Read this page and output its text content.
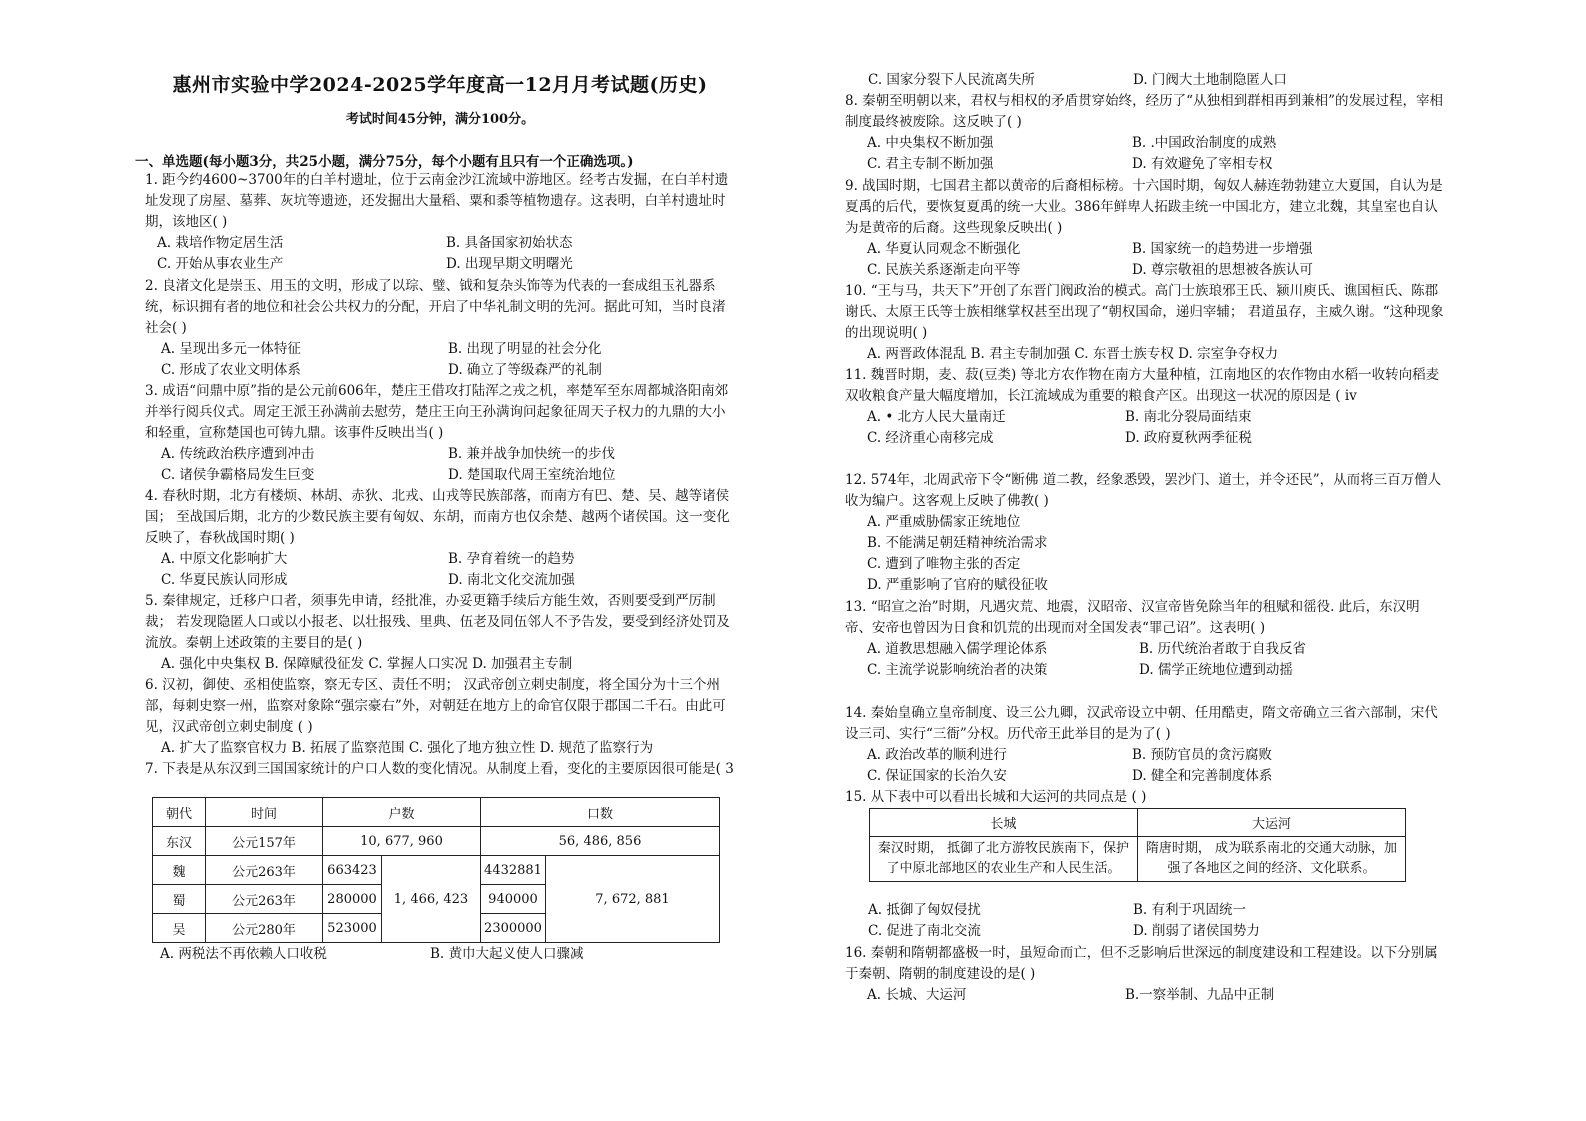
惠州市实验中学2024-2025学年度高一12月月考试题(历史)
考试时间45分钟，满分100分。
一、单选题(每小题3分，共25小题，满分75分，每个小题有且只有一个正确选项。)
1. 距今约4600~3700年的白羊村遗址，位于云南金沙江流域中游地区。经考古发掘，在白羊村遗址发现了房屋、墓葬、灰坑等遗迹，还发掘出大量稻、粟和黍等植物遗存。这表明，白羊村遗址时期，该地区( )
A. 栽培作物定居生活	B. 具备国家初始状态
C. 开始从事农业生产	D. 出现早期文明曙光
2. 良渚文化是崇玉、用玉的文明，形成了以琮、璧、钺和复杂头饰等为代表的一套成组玉礼器系统，标识拥有者的地位和社会公共权力的分配，开启了中华礼制文明的先河。据此可知，当时良渚社会( )
A. 呈现出多元一体特征	B. 出现了明显的社会分化
C. 形成了农业文明体系	D. 确立了等级森严的礼制
3. 成语“问鼎中原”指的是公元前606年，楚庄王借攻打陆浑之戎之机，率楚军至东周都城洛阳南郊并举行阅兵仪式。周定王派王孙满前去慰劳，楚庄王向王孙满询问起象征周天子权力的九鼎的大小和轻重，宣称楚国也可铸九鼎。该事件反映出当( )
A. 传统政治秩序遭到冲击	B. 兼并战争加快统一的步伐
C. 诸侯争霸格局发生巨变	D. 楚国取代周王室统治地位
4. 春秋时期，北方有楼烦、林胡、赤狄、北戎、山戎等民族部落，而南方有巴、楚、吴、越等诸侯国； 至战国后期，北方的少数民族主要有匈奴、东胡，而南方也仅余楚、越两个诸侯国。这一变化反映了，春秋战国时期( )
A. 中原文化影响扩大	B. 孕育着统一的趋势
C. 华夏民族认同形成	D. 南北文化交流加强
5. 秦律规定，迁移户口者，须事先申请，经批准，办妥更籍手续后方能生效，否则要受到严厉制裁； 若发现隐匿人口或以小报老、以壮报残、里典、伍老及同伍邻人不予告发，要受到经济处罚及流放。秦朝上述政策的主要目的是( )
A. 强化中央集权 B. 保障赋役征发 C. 掌握人口实况 D. 加强君主专制
6. 汉初，御使、丞相使监察，察无专区、责任不明； 汉武帝创立刺史制度，将全国分为十三个州部，每刺史察一州，监察对象除“强宗豪右”外，对朝廷在地方上的命官仅限于郡国二千石。由此可见，汉武帝创立刺史制度 ( )
A. 扩大了监察官权力 B. 拓展了监察范围 C. 强化了地方独立性 D. 规范了监察行为
7. 下表是从东汉到三国国家统计的户口人数的变化情况。从制度上看，变化的主要原因很可能是( 3
朝代	时间	户数		口数	
东汉	公元157年	10, 677, 960		56, 486, 856	
魏	公元263年	663423	1, 466, 423	4432881	7, 672, 881
蜀	公元263年	280000		940000	
吴	公元280年	523000		2300000	
A. 两税法不再依赖人口收税	B. 黄巾大起义使人口骤减
C. 国家分裂下人民流离失所	D. 门阀大土地制隐匿人口
8. 秦朝至明朝以来，君权与相权的矛盾贯穿始终，经历了“从独相到群相再到兼相”的发展过程，宰相制度最终被废除。这反映了( )
A. 中央集权不断加强	B. .中国政治制度的成熟
C. 君主专制不断加强	D. 有效避免了宰相专权
9. 战国时期，七国君主都以黄帝的后裔相标榜。十六国时期，匈奴人赫连勃勃建立大夏国，自认为是夏禹的后代，要恢复夏禹的统一大业。386年鲜卑人拓跋圭统一中国北方，建立北魏，其皇室也自认为是黄帝的后裔。这些现象反映出( )
A. 华夏认同观念不断强化	B. 国家统一的趋势进一步增强
C. 民族关系逐渐走向平等	D. 尊宗敬祖的思想被各族认可
10. “王与马，共天下”开创了东晋门阀政治的模式。高门士族琅邪王氏、颍川庾氏、谯国桓氏、陈郡谢氏、太原王氏等士族相继掌权甚至出现了“朝权国命，递归宰辅； 君道虽存，主威久谢。“这种现象的出现说明( )
A. 两晋政体混乱 B. 君主专制加强 C. 东晋士族专权 D. 宗室争夺权力
11. 魏晋时期，麦、菽(豆类) 等北方农作物在南方大量种植，江南地区的农作物由水稻一收转向稻麦双收粮食产量大幅度增加，长江流域成为重要的粮食产区。出现这一状况的原因是 ( ⅳ
A. • 北方人民大量南迁	B. 南北分裂局面结束
C. 经济重心南移完成	D. 政府夏秋两季征税
12. 574年，北周武帝下令“断佛 道二教，经象悉毁，罢沙门、道士，并令还民”，从而将三百万僧人收为编户。这客观上反映了佛教( )
A. 严重威胁儒家正统地位
B. 不能满足朝廷精神统治需求
C. 遭到了唯物主张的否定
D. 严重影响了官府的赋役征收
13. “昭宣之治”时期，凡遇灾荒、地震，汉昭帝、汉宣帝皆免除当年的租赋和徭役. 此后，东汉明帝、安帝也曾因为日食和饥荒的出现而对全国发表“罪己诏”。这表明( )
A. 道教思想融入儒学理论体系	B. 历代统治者敢于自我反省
C. 主流学说影响统治者的决策	D. 儒学正统地位遭到动摇
14. 秦始皇确立皇帝制度、设三公九卿，汉武帝设立中朝、任用酷吏，隋文帝确立三省六部制，宋代设三司、实行“三衙”分权。历代帝王此举目的是为了( )
A. 政治改革的顺利进行	B. 预防官员的贪污腐败
C. 保证国家的长治久安	D. 健全和完善制度体系
15. 从下表中可以看出长城和大运河的共同点是 ( )
长城	大运河
秦汉时期， 抵御了北方游牧民族南下，保护了中原北部地区的农业生产和人民生活。	隋唐时期， 成为联系南北的交通大动脉，加强了各地区之间的经济、文化联系。
A. 抵御了匈奴侵扰	B. 有利于巩固统一
C. 促进了南北交流	D. 削弱了诸侯国势力
16. 秦朝和隋朝都盛极一时，虽短命而亡，但不乏影响后世深远的制度建设和工程建设。以下分别属于秦朝、隋朝的制度建设的是( )
A. 长城、大运河	B.一察举制、九品中正制
